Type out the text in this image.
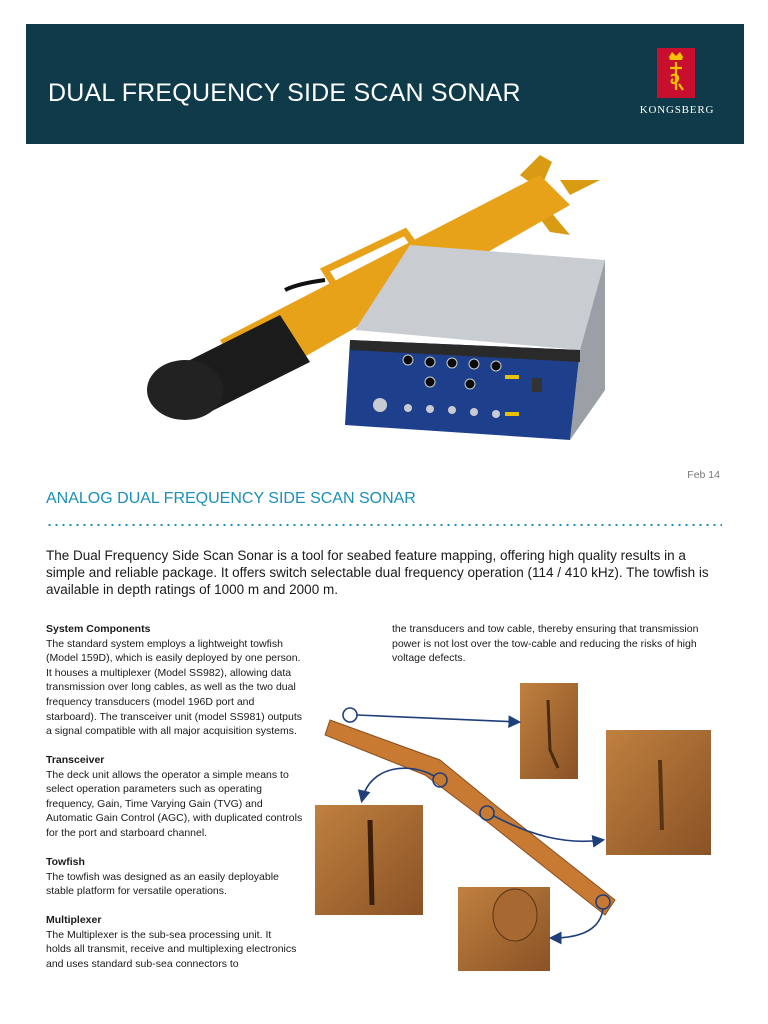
DUAL FREQUENCY SIDE SCAN SONAR
KONGSBERG
Feb 14
ANALOG DUAL FREQUENCY SIDE SCAN SONAR
The Dual Frequency Side Scan Sonar is a tool for seabed feature mapping, offering high quality results in a simple and reliable package. It offers switch selectable dual frequency operation (114 / 410 kHz). The towfish is available in depth ratings of 1000 m and 2000 m.
System Components

The standard system employs a lightweight towfish (Model 159D), which is easily deployed by one person. It houses a multiplexer (Model SS982), allowing data transmission over long cables, as well as the two dual frequency transducers (model 196D port and starboard). The transceiver unit (model SS981) outputs a signal compatible with all major acquisition systems.

Transceiver

The deck unit allows the operator a simple means to select operation parameters such as operating frequency, Gain, Time Varying Gain (TVG) and Automatic Gain Control (AGC), with duplicated controls for the port and starboard channel.

Towfish

The towfish was designed as an easily deployable stable platform for versatile operations.

Multiplexer

The Multiplexer is the sub-sea processing unit. It holds all transmit, receive and multiplexing electronics and uses standard sub-sea connectors to

the transducers and tow cable, thereby ensuring that transmission power is not lost over the tow-cable and reducing the risks of high voltage defects.
